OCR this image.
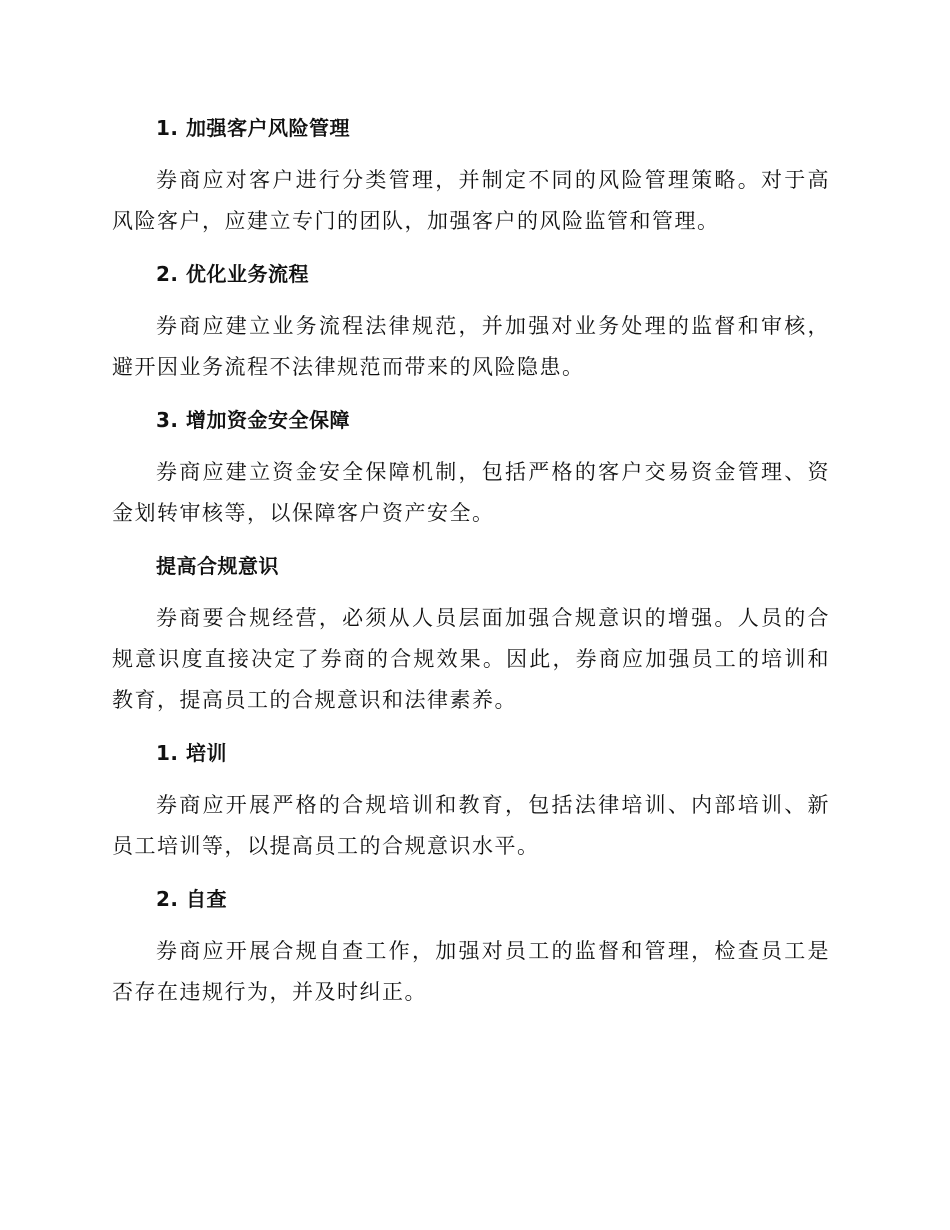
1. 加强客户风险管理

券商应对客户进行分类管理，并制定不同的风险管理策略。对于高风险客户，应建立专门的团队，加强客户的风险监管和管理。

2. 优化业务流程

券商应建立业务流程法律规范，并加强对业务处理的监督和审核，避开因业务流程不法律规范而带来的风险隐患。

3. 增加资金安全保障

券商应建立资金安全保障机制，包括严格的客户交易资金管理、资金划转审核等，以保障客户资产安全。

提高合规意识

券商要合规经营，必须从人员层面加强合规意识的增强。人员的合规意识度直接决定了券商的合规效果。因此，券商应加强员工的培训和教育，提高员工的合规意识和法律素养。

1. 培训

券商应开展严格的合规培训和教育，包括法律培训、内部培训、新员工培训等，以提高员工的合规意识水平。

2. 自查

券商应开展合规自查工作，加强对员工的监督和管理，检查员工是否存在违规行为，并及时纠正。
